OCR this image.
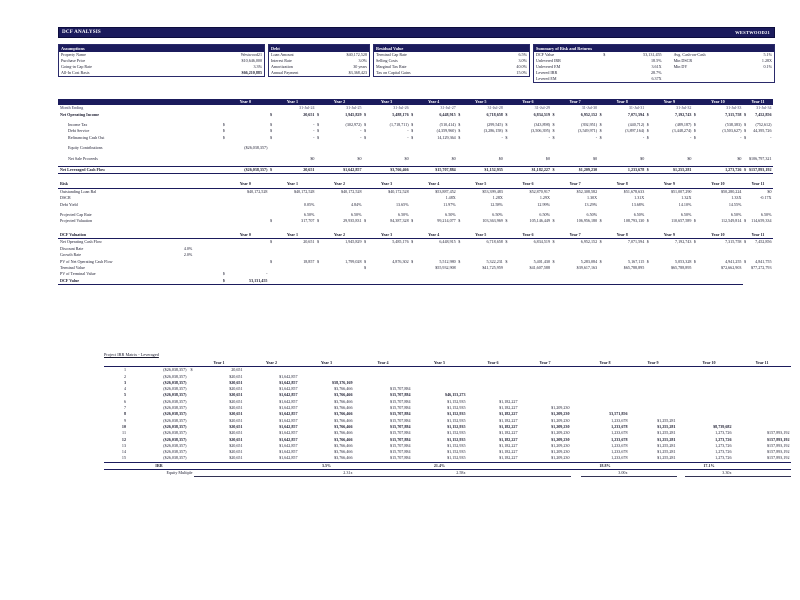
DCF ANALYSIS	WESTWOOD21
Assumptions
Property Name	Westwood21
Purchase Price	$10,646,000
Going-in Cap Rate	3.3%
All-In Cost Basis	$66,210,885
Debt
Loan Amount	$40,172,528
Interest Rate	3.0%
Amortization	30 years
Annual Payment	$3,368,423
Residual Value
Terminal Cap Rate	6.5%
Selling Costs	3.0%
Marginal Tax Rate	40.0%
Tax on Capital Gains	15.0%
Summary of Risk and Returns
DCF Value	$	53,131,455	Avg. Cash-on-Cash	5.1%
Unlevered IRR		18.5%	Min DSCR	1.28X
Unlevered EM		3.61X	Min DY	0.1%
Levered IRR		28.7%		
Levered EM		6.37X		
	Year 0		Year 1		Year 2		Year 3		Year 4		Year 5		Year 6		Year 7		Year 8		Year 9		Year 10		Year 11	
Month Ending			31-Jul-24		31-Jul-25		31-Jul-26		31-Jul-27		31-Jul-28		31-Jul-29		31-Jul-30		31-Jul-31		31-Jul-32		31-Jul-33		31-Jul-34	
Net Operating Income			$	20,651	$	1,945,829	$	5,488,176	$	6,448,915	$	6,718,658	$	6,834,519	$	6,952,152	$	7,071,594	$	7,192,743	$	7,315,758	$	7,452,856

Income Tax	$		$	-	$	(302,972)	$	(1,718,711)	$	(510,414)	$	(299,545)	$	(343,898)	$	(392,951)	$	(440,712)	$	(489,187)	$	(538,383)	$	(752,612)
Debt Service	$		$	-	$	-	$	-	$	(4,359,960)	$	(3,286,158)	$	(3,506,395)	$	(3,549,971)	$	(3,897,164)	$	(3,448,274)	$	(3,503,627)	$	44,395,726
Refinancing Cash Out	$		$	-	$	-	$	-	$	14,129,364	$	-	$	-	$	-	$	-	$	-	$	-	$	-

Equity Contributions	($26,038,357)																							

Net Sale Proceeds			$0		$0		$0		$0		$0		$0		$0		$0		$0		$0		$106,797,321	

Net Leveraged Cash Flow	($26,038,357)		$	20,651	$1,642,857		$3,766,466		$15,707,884		$1,152,935		$1,182,227		$	$1,209,230	1,233,678		$	$1,255,281	1,273,726		$	$157,893,192

Risk	Year 0		Year 1		Year 2		Year 3		Year 4		Year 5		Year 6		Year 7		Year 8		Year 9		Year 10		Year 11	
Outstanding Loan Bal	$40,172,528		$40,172,528		$40,172,528		$40,172,528		$53,887,452		$53,399,483		$52,870,917		$52,308,582		$51,678,633		$51,007,290		$50,280,224		$0	
DSCR									1.48X		1.28X		1.29X		1.30X		1.31X		1.32X		1.33X		-0.17X	
Debt Yield			0.05%		4.84%		13.65%		11.97%		12.58%		12.99%		13.29%		13.68%		14.10%		14.55%			

Projected Cap Rate			6.50%		6.50%		6.50%		6.50%		6.50%		6.50%		6.50%		6.50%		6.50%		6.50%		6.50%	
Projected Valuation			$	317,707	$	29,935,831	$	84,387,328	$	99,214,077	$	103,363,969	$	105,146,449	$	106,956,180	$	108,793,130	$	110,657,589	$	112,549,814	$	114,659,334

DCF Valuation	Year 0		Year 1		Year 2		Year 3		Year 4		Year 5		Year 6		Year 7		Year 8		Year 9		Year 10		Year 11	
Net Operating Cash Flow			$	20,651	$	1,945,829	$	5,485,176	$	6,448,915	$	6,718,658	$	6,834,519	$	6,952,152	$	7,071,594	$	7,192,743	$	7,315,758	$	7,452,856
Discount Rate	4.0%																							

Growth Rate	2.0%																							

PV of Net Operating Cash Flow			$	18,857	$	1,799,028	$	4,876,302	$	5,512,980	$	5,322,231	$	5,401,430	$	5,283,084	$	5,167,115	$	5,053,328	$	4,941,255	$	4,841,755
Terminal Value							$		$55,932,908		$41,725,959		$41,607,588		$39,617,163		$65,788,895		$65,788,895		$72,662,903		$77,272,793	
PV of Terminal Value	$	-																						
DCF Value	$	53,131,455																						
Project IRR Matrix - Leveraged
			Year 1	Year 2	Year 3	Year 4	Year 5	Year 6	Year 7		Year 8	Year 9		Year 10	Year 11
1	($26,038,357)	$	20,651												
2	($26,038,357)		$20,651	$1,642,857											
3	($26,038,357)		$20,651	$1,642,857	$58,376,169										
4	($26,038,357)		$20,651	$1,642,857	$3,766,466	$15,707,884									
5	($26,038,357)		$20,651	$1,642,857	$3,766,466	$15,707,884	$46,153,273								
6	($26,038,357)		$20,651	$1,642,857	$3,766,466	$15,707,884	$1,152,935	$1,182,227							
7	($26,038,357)		$20,651	$1,642,857	$3,766,466	$15,707,884	$1,152,935	$1,182,227	$1,209,230						
8	($26,038,357)		$20,651	$1,642,857	$3,766,466	$15,707,884	$1,152,935	$1,182,227	$1,209,230		53,571,856				
9	($26,038,357)		$20,651	$1,642,857	$3,766,466	$15,707,884	$1,152,935	$1,182,227	$1,209,230		1,233,678	$1,255,281			
10	($26,038,357)		$20,651	$1,642,857	$3,766,466	$15,707,884	$1,152,935	$1,182,227	$1,209,230		1,233,678	$1,255,281		$8,739,682	
11	($26,038,357)		$20,651	$1,642,857	$3,766,466	$15,707,884	$1,152,935	$1,182,227	$1,209,230		1,233,678	$1,255,281		1,273,726	$157,893,192
12	($26,038,357)		$20,651	$1,642,857	$3,766,466	$15,707,884	$1,152,935	$1,182,227	$1,209,230		1,233,678	$1,255,281		1,273,726	$157,893,192
13	($26,038,357)		$20,651	$1,642,857	$3,766,466	$15,707,884	$1,152,935	$1,182,227	$1,209,230		1,233,678	$1,255,281		1,273,726	$157,893,192
14	($26,038,357)		$20,651	$1,642,857	$3,766,466	$15,707,884	$1,152,935	$1,182,227	$1,209,230		1,233,678	$1,255,281		1,273,726	$157,893,192
15	($26,038,357)		$20,651	$1,642,857	$3,766,466	$15,707,884	$1,152,935	$1,182,227	$1,209,230		1,233,678	$1,255,281		1,273,726	$157,893,192
	IRR				3.5%		21.4%				18.8%			17.1%	
Equity Multiple					2.31x		2.58x				3.00x			3.30x	
